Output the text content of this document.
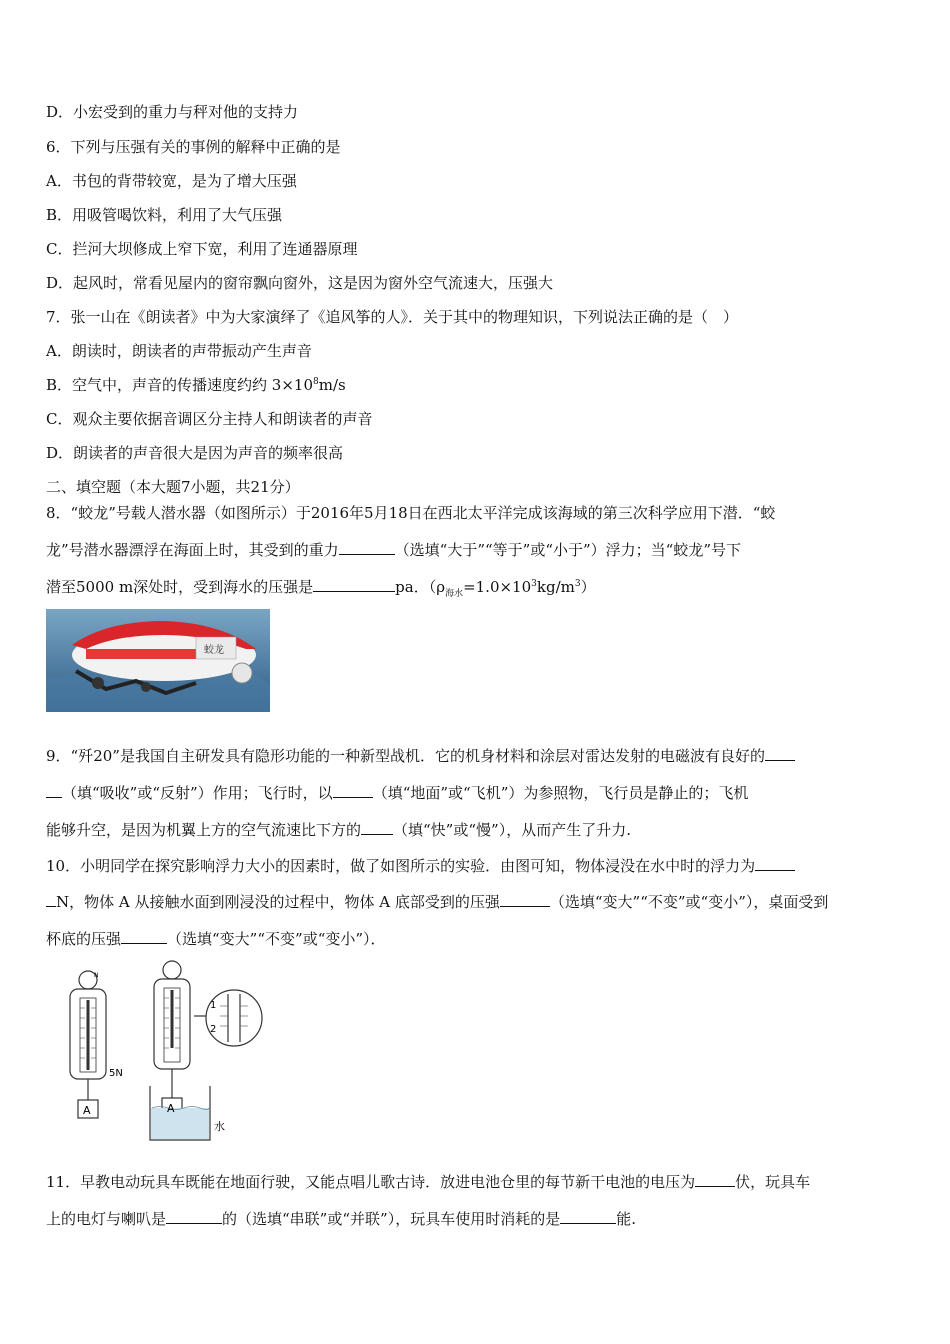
D．小宏受到的重力与秤对他的支持力
6．下列与压强有关的事例的解释中正确的是
A．书包的背带较宽，是为了增大压强
B．用吸管喝饮料，利用了大气压强
C．拦河大坝修成上窄下宽，利用了连通器原理
D．起风时，常看见屋内的窗帘飘向窗外，这是因为窗外空气流速大，压强大
7．张一山在《朗读者》中为大家演绎了《追风筝的人》．关于其中的物理知识，下列说法正确的是（　）
A．朗读时，朗读者的声带振动产生声音
B．空气中，声音的传播速度约约 $3\times 10^8m/s$
C．观众主要依据音调区分主持人和朗读者的声音
D．朗读者的声音很大是因为声音的频率很高
二、填空题（本大题7小题，共21分）
8．“蛟龙”号载人潜水器（如图所示）于2016年5月18日在西北太平洋完成该海域的第三次科学应用下潜．“蛟
龙”号潜水器漂浮在海面上时，其受到的重力	（选填“大于”“等于”或“小于”）浮力；当“蛟龙”号下
潜至5000 m深处时，受到海水的压强是	pa．$(\rho_{海水}=1.0\times 10^3kg/m^3)$
蛟龙
9．“歼20”是我国自主研发具有隐形功能的一种新型战机．它的机身材料和涂层对雷达发射的电磁波有良好的
（填“吸收”或“反射”）作用；飞行时，以	（填“地面”或“飞机”）为参照物，飞行员是静止的；飞机
能够升空，是因为机翼上方的空气流速比下方的 （填“快”或“慢”），从而产生了升力.
10．小明同学在探究影响浮力大小的因素时，做了如图所示的实验．由图可知，物体浸没在水中时的浮力为
N，物体 A 从接触水面到刚浸没的过程中，物体 A 底部受到的压强	（选填“变大”“不变”或“变小”），桌面受到
杯底的压强	（选填“变大”“不变”或“变小”）．
N
5N
A	A
水
1
2
11．早教电动玩具车既能在地面行驶，又能点唱儿歌古诗．放进电池仓里的每节新干电池的电压为	伏，玩具车
上的电灯与喇叭是	的（选填“串联”或“并联”），玩具车使用时消耗的是	能.
